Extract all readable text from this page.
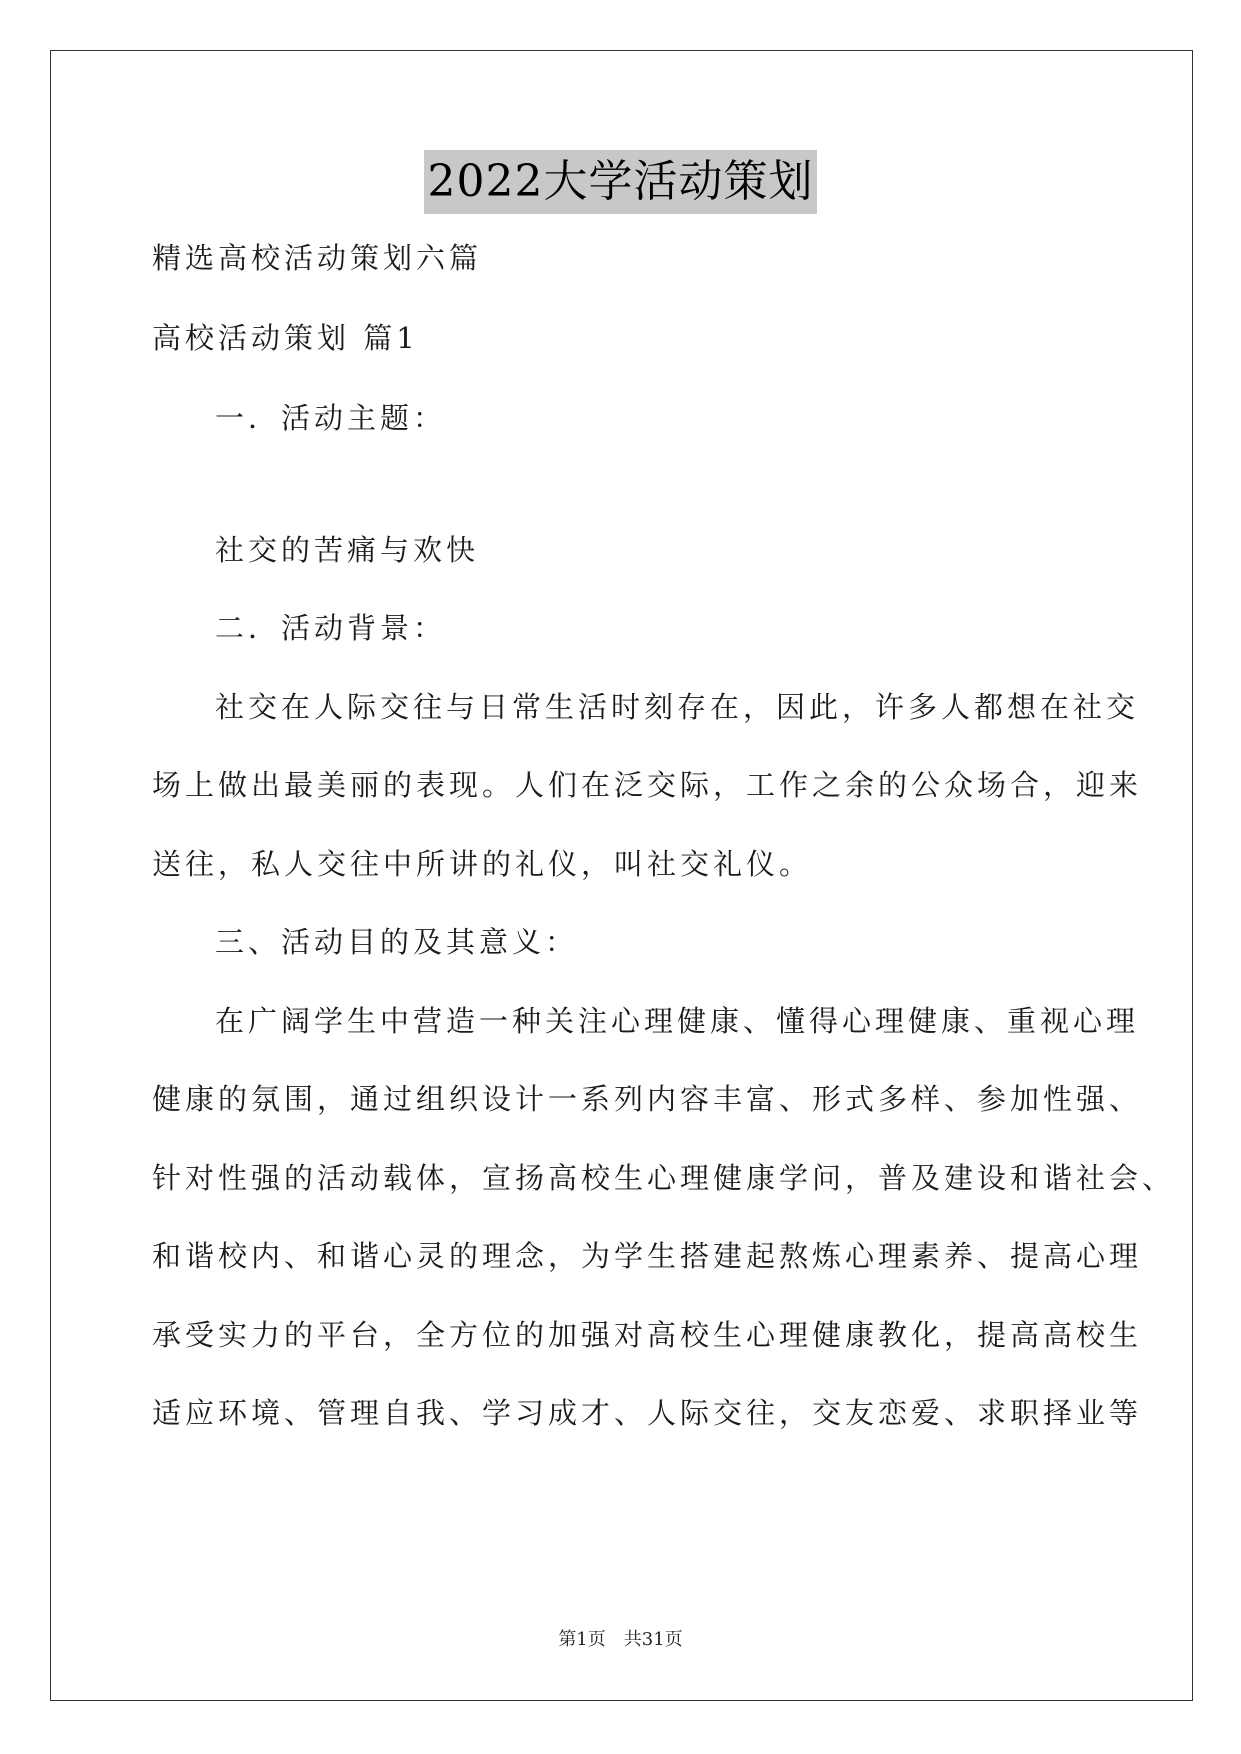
2022大学活动策划
精选高校活动策划六篇
高校活动策划 篇1
一．活动主题：
社交的苦痛与欢快
二．活动背景：
社交在人际交往与日常生活时刻存在，因此，许多人都想在社交
场上做出最美丽的表现。人们在泛交际，工作之余的公众场合，迎来
送往，私人交往中所讲的礼仪，叫社交礼仪。
三、活动目的及其意义：
在广阔学生中营造一种关注心理健康、懂得心理健康、重视心理
健康的氛围，通过组织设计一系列内容丰富、形式多样、参加性强、
针对性强的活动载体，宣扬高校生心理健康学问，普及建设和谐社会、
和谐校内、和谐心灵的理念，为学生搭建起熬炼心理素养、提高心理
承受实力的平台，全方位的加强对高校生心理健康教化，提高高校生
适应环境、管理自我、学习成才、人际交往，交友恋爱、求职择业等
第1页　共31页
